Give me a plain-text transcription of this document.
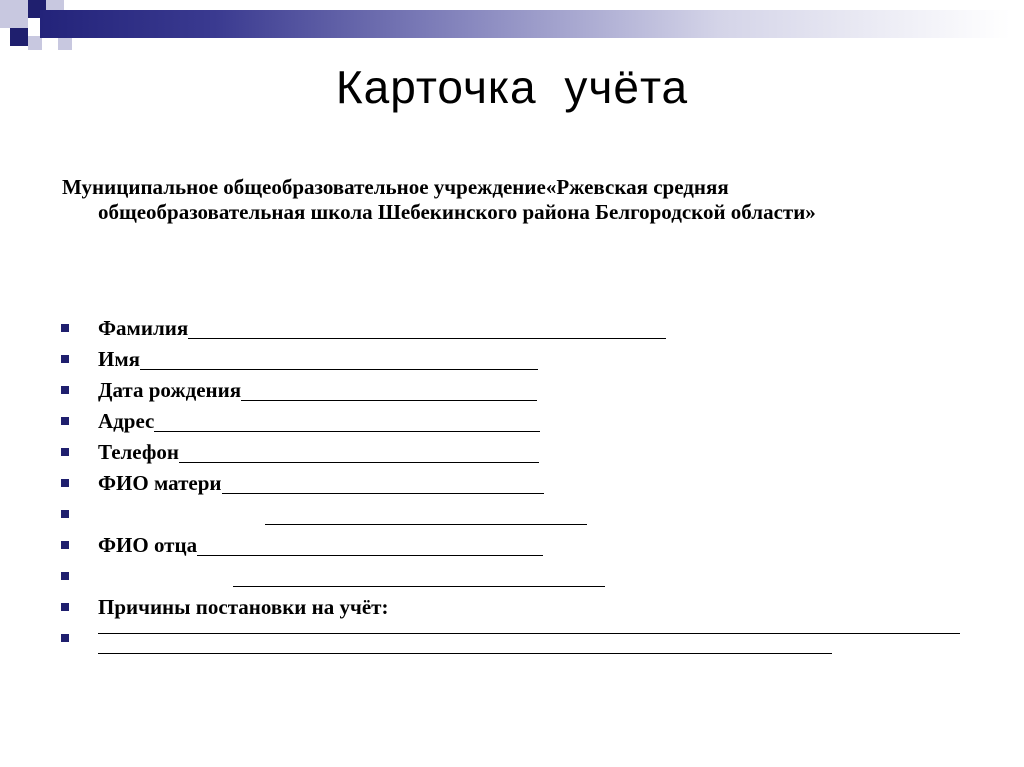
Карточка учёта
Муниципальное общеобразовательное учреждение«Ржевская средняя общеобразовательная школа Шебекинского района Белгородской области»
Фамилия
Имя
Дата рождения
Адрес
Телефон
ФИО матери
ФИО отца
Причины постановки на учёт:
